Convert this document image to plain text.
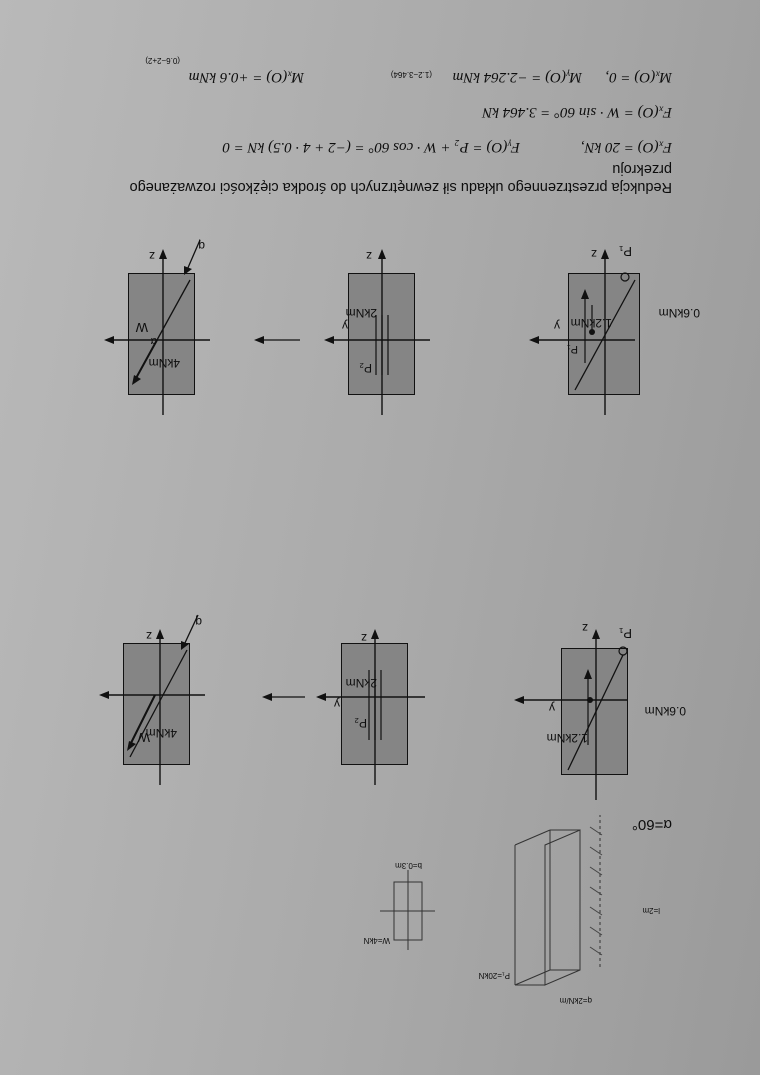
Redukcja przestrzennego układu sił zewnętrznych do środka ciężkości rozważanego
przekroju
Fₓ(O) = 20 kN,
Fᵧ(O) = P₂ + W · cos 60° = (−2 + 4 · 0.5) kN = 0
Fₓ(O) = W · sin 60° = 3.464 kN
Mₓ(O) = 0,
Mᵧ(O) = −2.264 kNm
(1.2−3.464)
Mₓ(O) = +0.6 kNm
(0.6−2+2)
P₁
z
0.6kNm
1.2kNm
y
P₁
P₂
2kNm
y
z
W
q
4kNm
α
z
P₁
z
0.6kNm
1.2kNm
y
P₂
2kNm
y
z
W
q
4kNm
z
α=60°
q=2kN/m
P₁=20kN
l=2m
W=4kN
b=0.3m
